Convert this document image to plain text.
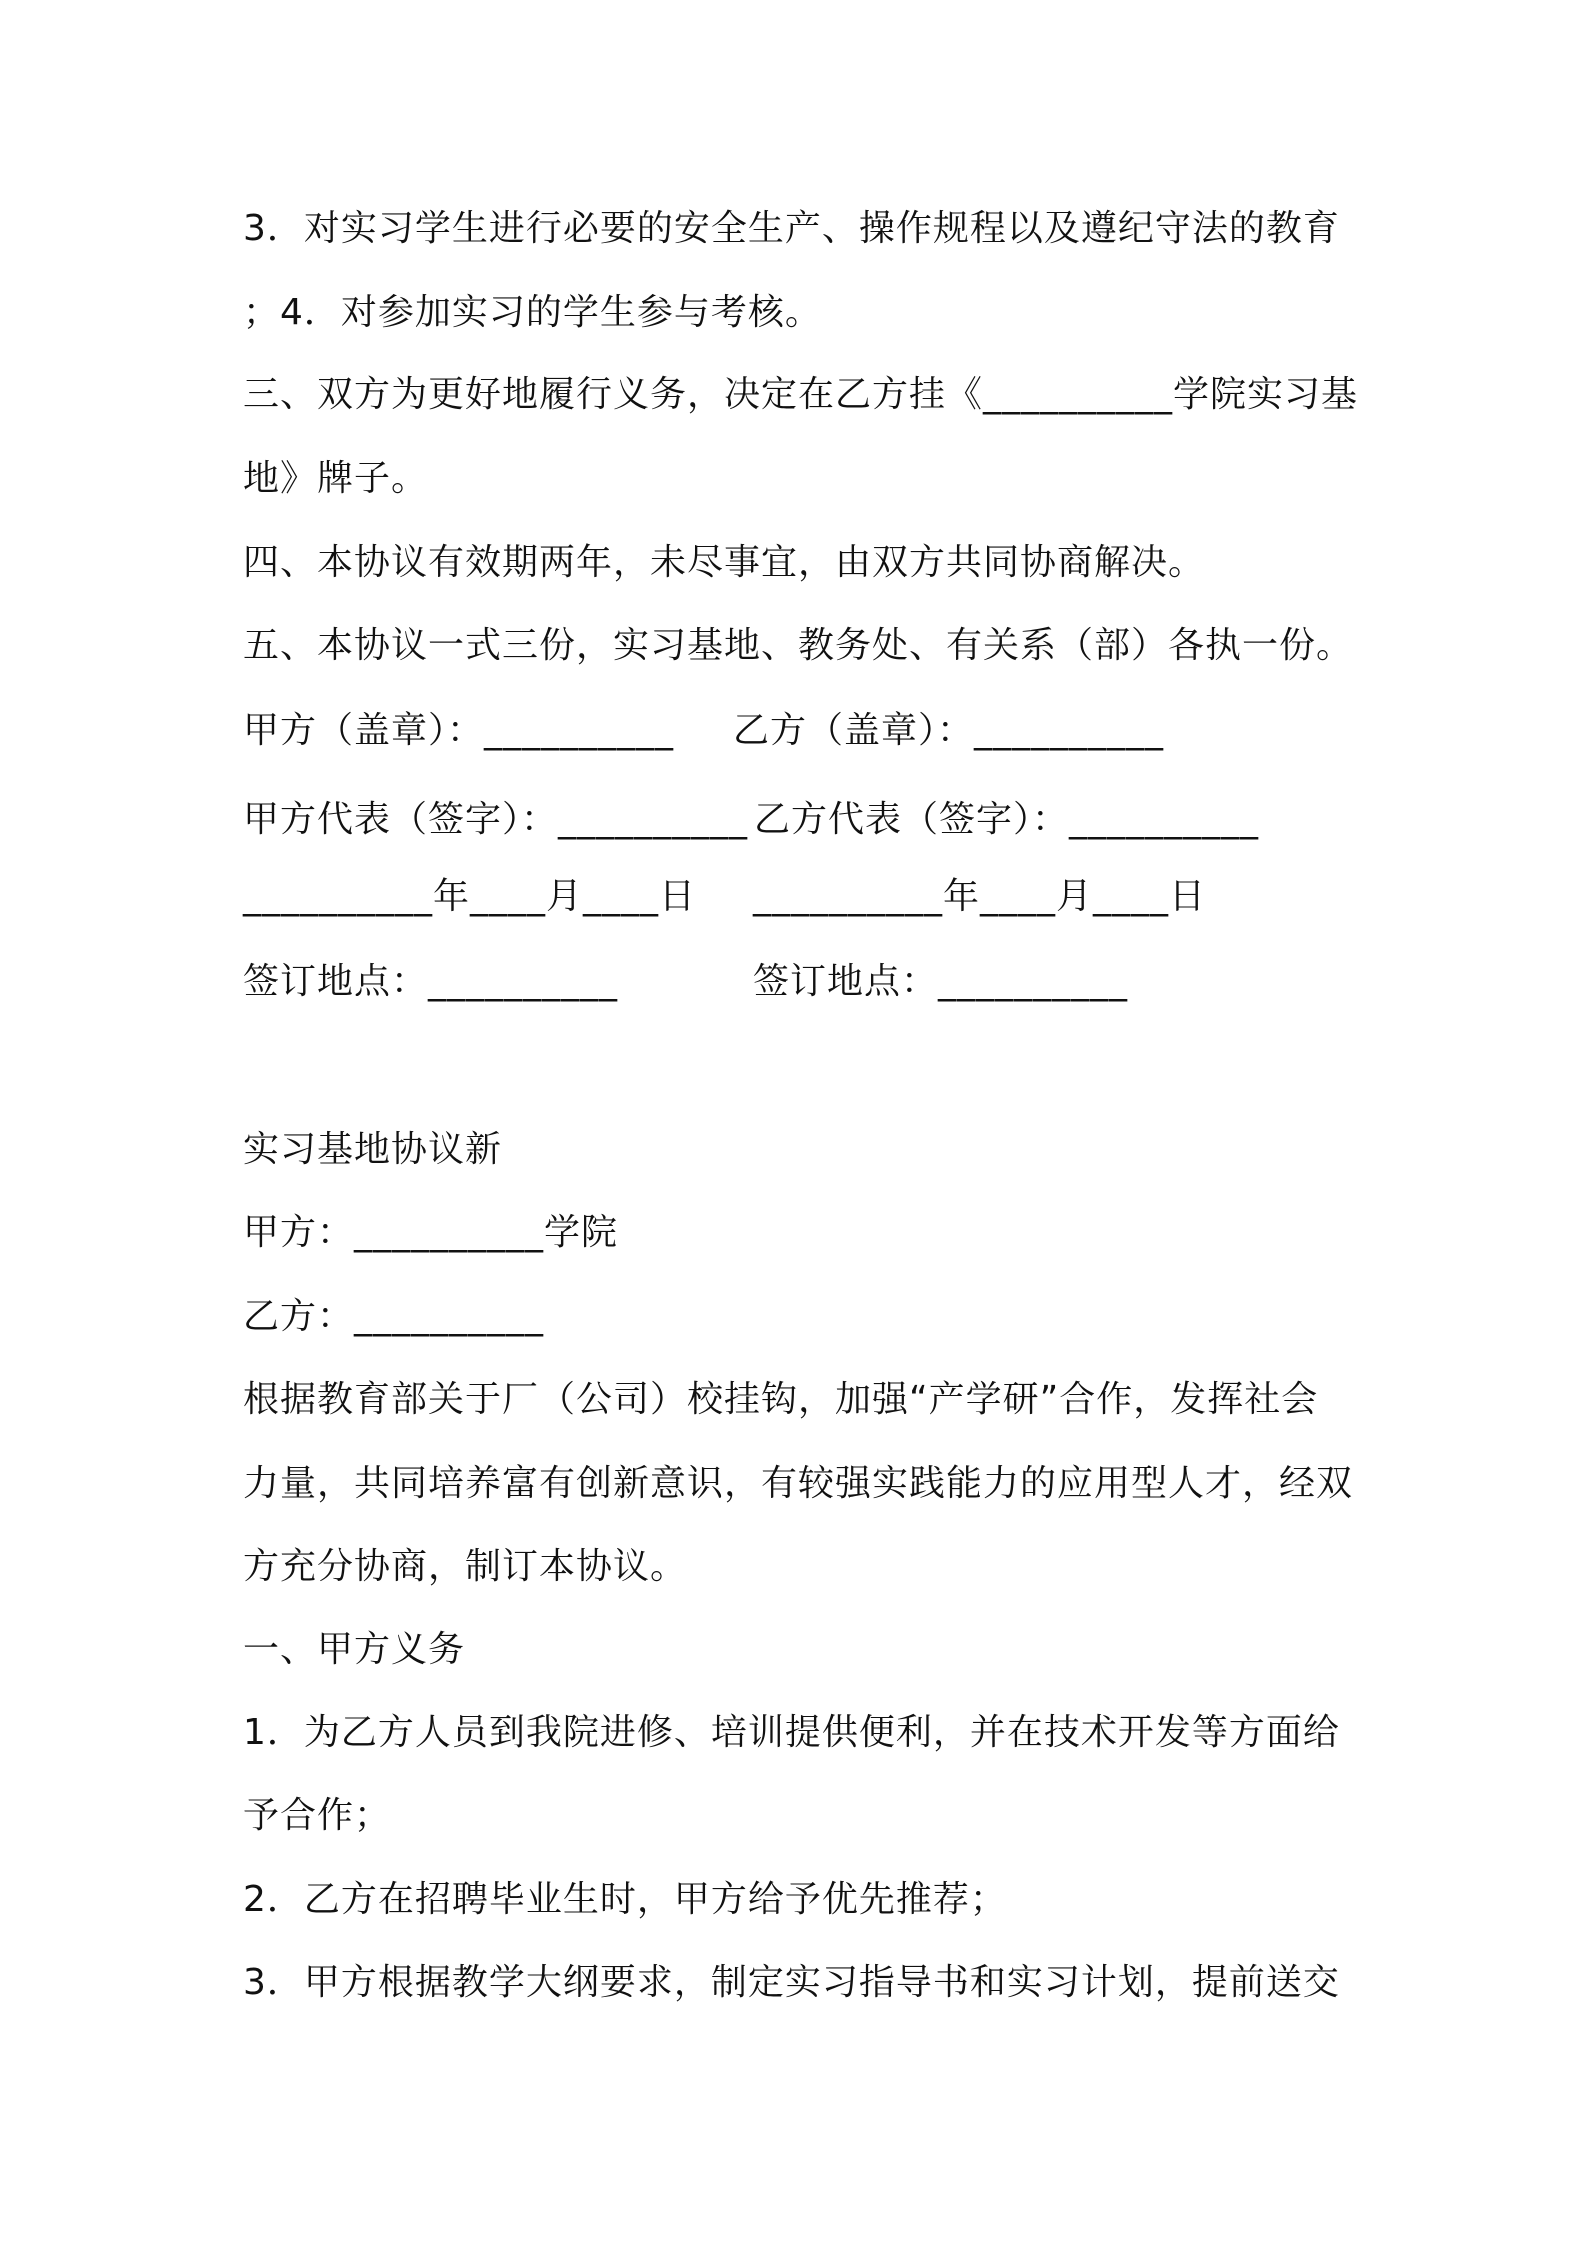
3．对实习学生进行必要的安全生产、操作规程以及遵纪守法的教育
；4．对参加实习的学生参与考核。
三、双方为更好地履行义务，决定在乙方挂《__________学院实习基
地》牌子。
四、本协议有效期两年，未尽事宜，由双方共同协商解决。
五、本协议一式三份，实习基地、教务处、有关系（部）各执一份。
甲方（盖章）：__________ 乙方（盖章）：__________
甲方代表（签字）：__________ 乙方代表（签字）：__________
__________年____月____日 __________年____月____日
签订地点：__________	签订地点：__________
实习基地协议新
甲方：__________学院
乙方：__________
根据教育部关于厂（公司）校挂钩，加强“产学研”合作，发挥社会
力量，共同培养富有创新意识，有较强实践能力的应用型人才，经双
方充分协商，制订本协议。
一、甲方义务
1．为乙方人员到我院进修、培训提供便利，并在技术开发等方面给
予合作；
2．乙方在招聘毕业生时，甲方给予优先推荐；
3．甲方根据教学大纲要求，制定实习指导书和实习计划，提前送交
